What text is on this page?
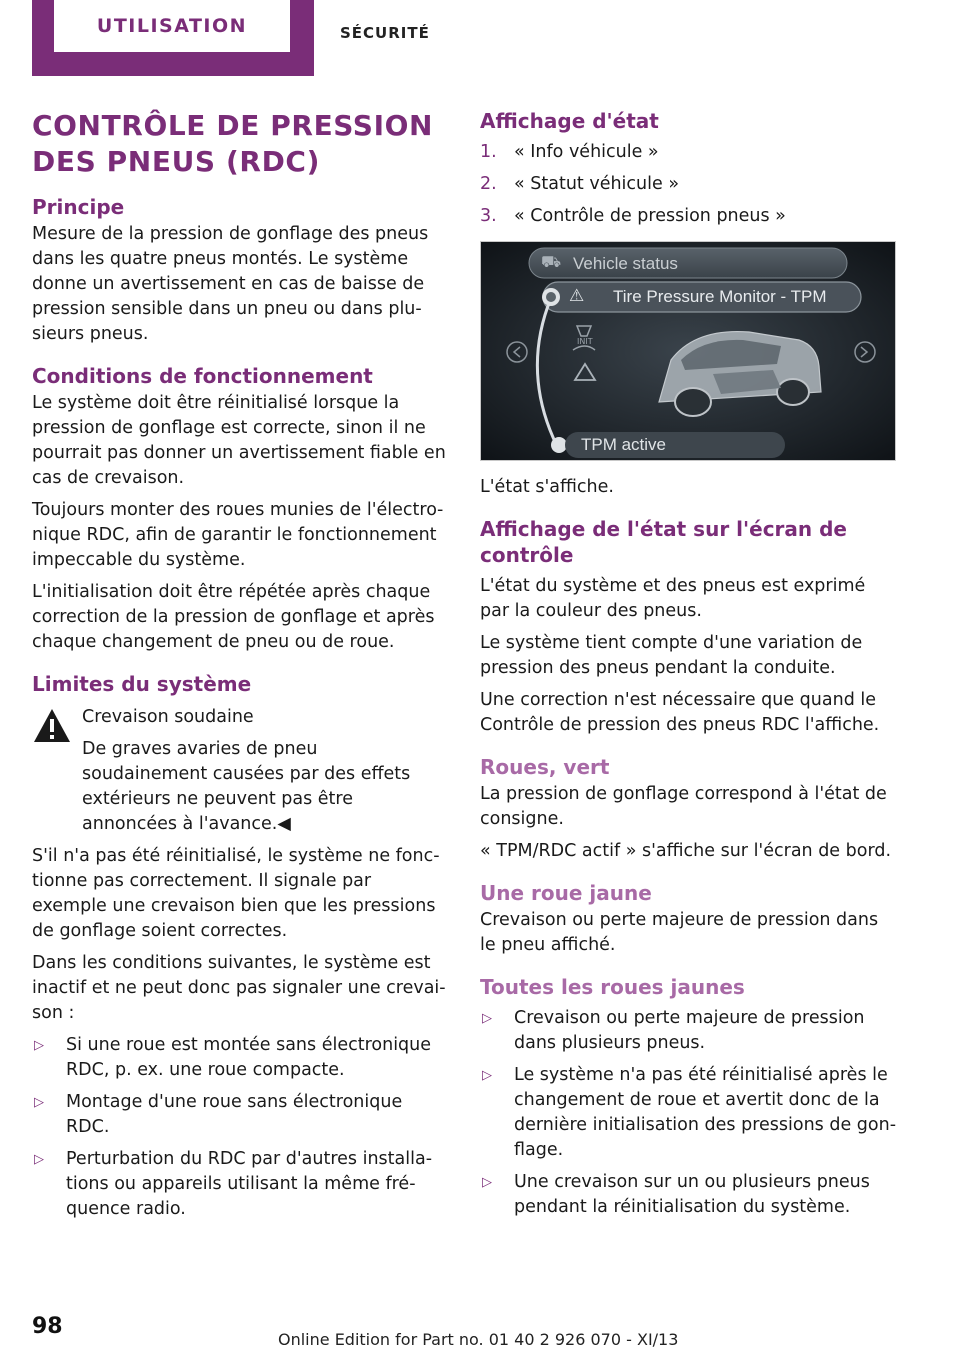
UTILISATION	SÉCURITÉ
CONTRÔLE DE PRESSION DES PNEUS (RDC)
Principe

Mesure de la pression de gonflage des pneus dans les quatre pneus montés. Le système donne un avertissement en cas de baisse de pression sensible dans un pneu ou dans plusieurs pneus.

Conditions de fonctionnement

Le système doit être réinitialisé lorsque la pression de gonflage est correcte, sinon il ne pourrait pas donner un avertissement fiable en cas de crevaison.

Toujours monter des roues munies de l'électronique RDC, afin de garantir le fonctionnement impeccable du système.

L'initialisation doit être répétée après chaque correction de la pression de gonflage et après chaque changement de pneu ou de roue.

Limites du système

Crevaison soudaine

De graves avaries de pneu soudainement causées par des effets extérieurs ne peuvent pas être annoncées à l'avance.◀

S'il n'a pas été réinitialisé, le système ne fonctionne pas correctement. Il signale par exemple une crevaison bien que les pressions de gonflage soient correctes.

Dans les conditions suivantes, le système est inactif et ne peut donc pas signaler une crevaison :

▷ Si une roue est montée sans électronique RDC, p. ex. une roue compacte.
▷ Montage d'une roue sans électronique RDC.
▷ Perturbation du RDC par d'autres installations ou appareils utilisant la même fréquence radio.
Affichage d'état
1. « Info véhicule »
2. « Statut véhicule »
3. « Contrôle de pression pneus »
Vehicle status
⛟
Tire Pressure Monitor - TPM
⚠
INIT
TPM active

L'état s'affiche.

Affichage de l'état sur l'écran de contrôle

L'état du système et des pneus est exprimé par la couleur des pneus.

Le système tient compte d'une variation de pression des pneus pendant la conduite.

Une correction n'est nécessaire que quand le Contrôle de pression des pneus RDC l'affiche.

Roues, vert

La pression de gonflage correspond à l'état de consigne.

« TPM/RDC actif » s'affiche sur l'écran de bord.

Une roue jaune

Crevaison ou perte majeure de pression dans le pneu affiché.

Toutes les roues jaunes
▷ Crevaison ou perte majeure de pression dans plusieurs pneus.
▷ Le système n'a pas été réinitialisé après le changement de roue et avertit donc de la dernière initialisation des pressions de gonflage.
▷ Une crevaison sur un ou plusieurs pneus pendant la réinitialisation du système.
98
Online Edition for Part no. 01 40 2 926 070 - XI/13
